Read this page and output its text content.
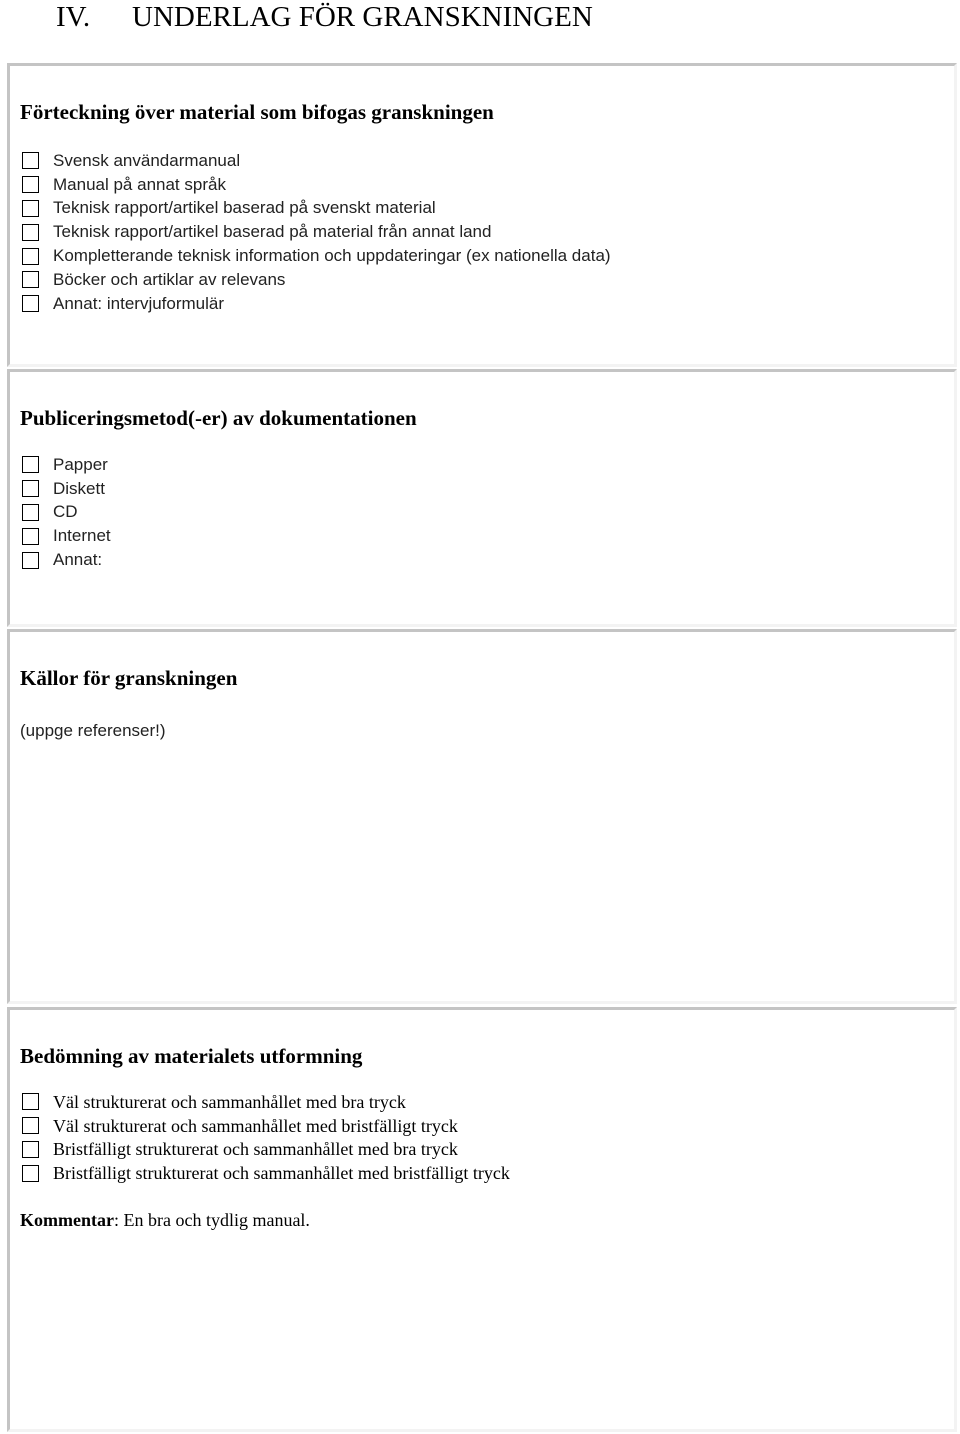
IV. UNDERLAG FÖR GRANSKNINGEN
Förteckning över material som bifogas granskningen
Svensk användarmanual
Manual på annat språk
Teknisk rapport/artikel baserad på svenskt material
Teknisk rapport/artikel baserad på material från annat land
Kompletterande teknisk information och uppdateringar (ex nationella data)
Böcker och artiklar av relevans
Annat: intervjuformulär
Publiceringsmetod(-er) av dokumentationen
Papper
Diskett
CD
Internet
Annat:
Källor för granskningen
(uppge referenser!)
Bedömning av materialets utformning
Väl strukturerat och sammanhållet med bra tryck
Väl strukturerat och sammanhållet med bristfälligt tryck
Bristfälligt strukturerat och sammanhållet med bra tryck
Bristfälligt strukturerat och sammanhållet med bristfälligt tryck
Kommentar: En bra och tydlig manual.
